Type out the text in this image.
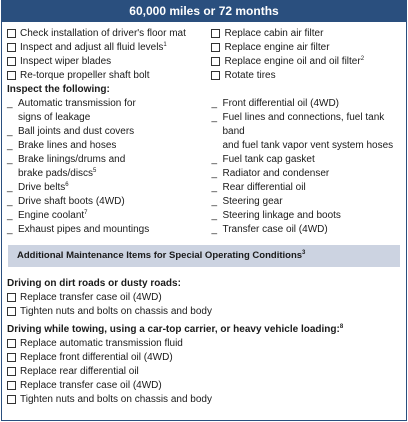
60,000 miles or 72 months
Check installation of driver's floor mat
Inspect and adjust all fluid levels$^1$
Inspect wiper blades
Re-torque propeller shaft bolt
Inspect the following:
_ Automatic transmission for
signs of leakage
_ Ball joints and dust covers
_ Brake lines and hoses
_ Brake linings/drums and
brake pads/discs$^5$
_ Drive belts$^6$
_ Drive shaft boots (4WD)
_ Engine coolant$^7$
_ Exhaust pipes and mountings
Replace cabin air filter
Replace engine air filter
Replace engine oil and oil filter$^2$
Rotate tires
_ Front differential oil (4WD)
_ Fuel lines and connections, fuel tank band
and fuel tank vapor vent system hoses
_ Fuel tank cap gasket
_ Radiator and condenser
_ Rear differential oil
_ Steering gear
_ Steering linkage and boots
_ Transfer case oil (4WD)
Additional Maintenance Items for Special Operating Conditions$^3$
Driving on dirt roads or dusty roads:
Replace transfer case oil (4WD)
Tighten nuts and bolts on chassis and body
Driving while towing, using a car-top carrier, or heavy vehicle loading:$^8$
Replace automatic transmission fluid
Replace front differential oil (4WD)
Replace rear differential oil
Replace transfer case oil (4WD)
Tighten nuts and bolts on chassis and body
